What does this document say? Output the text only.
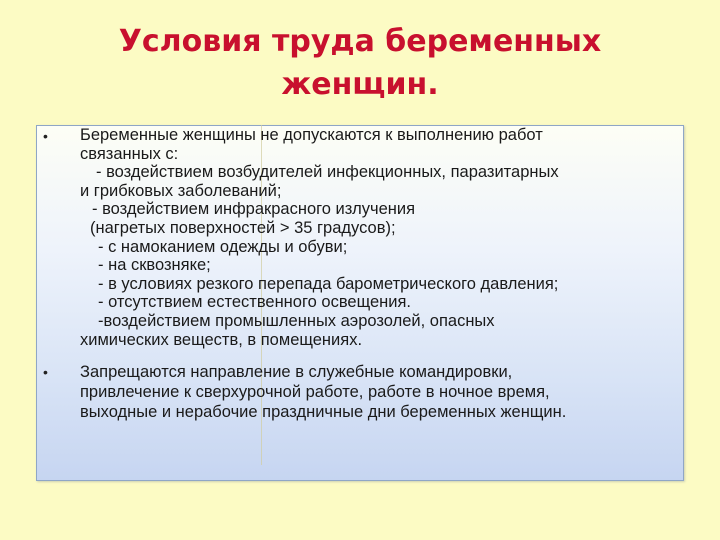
Условия труда беременных
женщин.
• Беременные женщины не допускаются к выполнению работ
связанных с:
- воздействием возбудителей инфекционных, паразитарных
и грибковых заболеваний;
- воздействием инфракрасного излучения
(нагретых поверхностей > 35 градусов);
- с намоканием одежды и обуви;
- на сквозняке;
- в условиях резкого перепада барометрического давления;
- отсутствием естественного освещения.
-воздействием промышленных аэрозолей, опасных
химических веществ, в помещениях.
• Запрещаются направление в служебные командировки,
привлечение к сверхурочной работе, работе в ночное время,
выходные и нерабочие праздничные дни беременных женщин.
